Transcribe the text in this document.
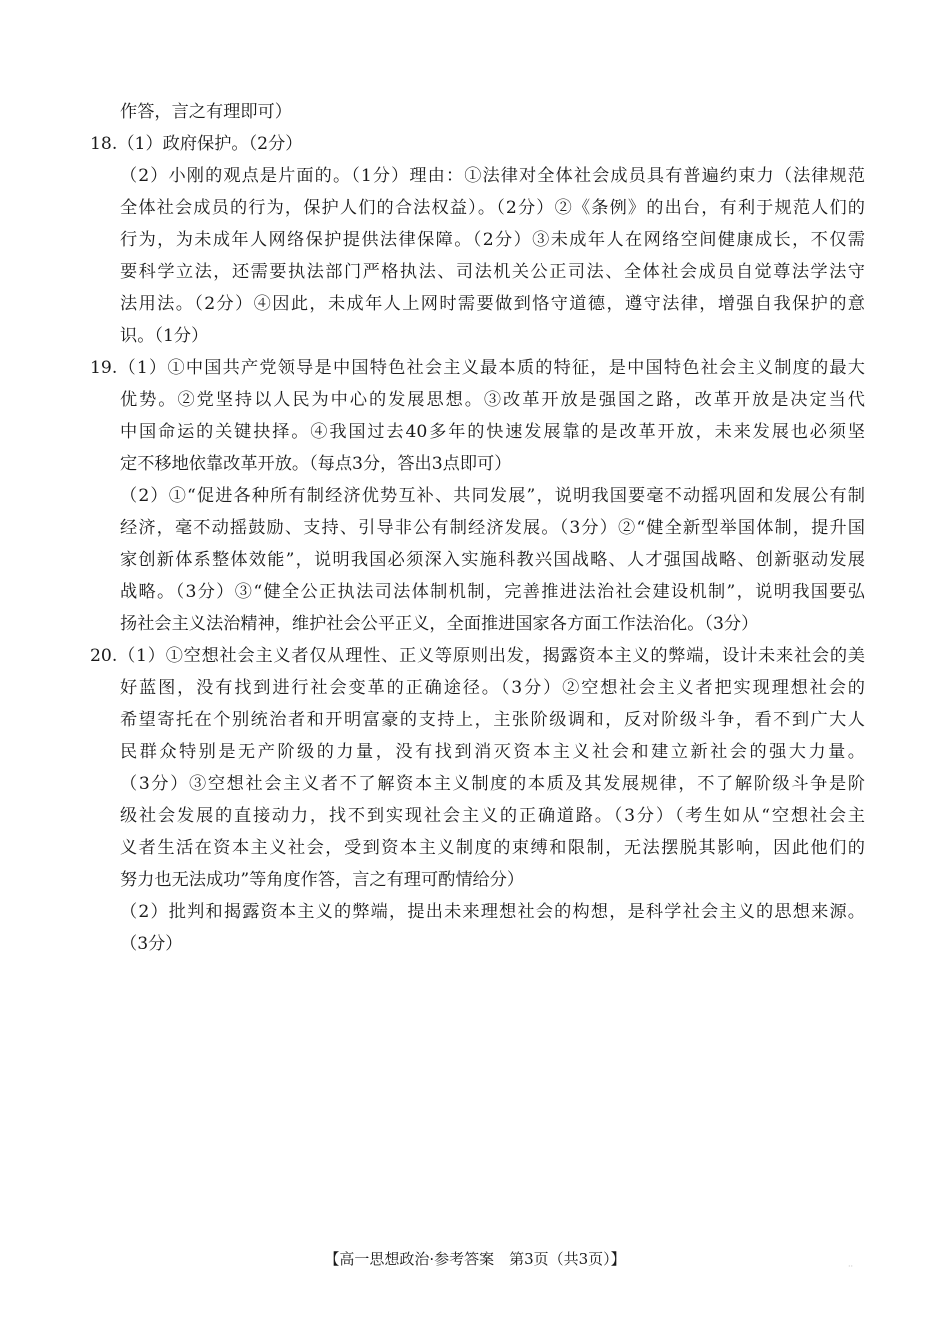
作答，言之有理即可）
18.（1）政府保护。（2分）
（2）小刚的观点是片面的。（1分）理由：①法律对全体社会成员具有普遍约束力（法律规范
全体社会成员的行为，保护人们的合法权益）。（2分）②《条例》的出台，有利于规范人们的
行为，为未成年人网络保护提供法律保障。（2分）③未成年人在网络空间健康成长，不仅需
要科学立法，还需要执法部门严格执法、司法机关公正司法、全体社会成员自觉尊法学法守
法用法。（2分）④因此，未成年人上网时需要做到恪守道德，遵守法律，增强自我保护的意
识。（1分）
19.（1）①中国共产党领导是中国特色社会主义最本质的特征，是中国特色社会主义制度的最大
优势。②党坚持以人民为中心的发展思想。③改革开放是强国之路，改革开放是决定当代
中国命运的关键抉择。④我国过去40多年的快速发展靠的是改革开放，未来发展也必须坚
定不移地依靠改革开放。（每点3分，答出3点即可）
（2）①“促进各种所有制经济优势互补、共同发展”，说明我国要毫不动摇巩固和发展公有制
经济，毫不动摇鼓励、支持、引导非公有制经济发展。（3分）②“健全新型举国体制，提升国
家创新体系整体效能”，说明我国必须深入实施科教兴国战略、人才强国战略、创新驱动发展
战略。（3分）③“健全公正执法司法体制机制，完善推进法治社会建设机制”，说明我国要弘
扬社会主义法治精神，维护社会公平正义，全面推进国家各方面工作法治化。（3分）
20.（1）①空想社会主义者仅从理性、正义等原则出发，揭露资本主义的弊端，设计未来社会的美
好蓝图，没有找到进行社会变革的正确途径。（3分）②空想社会主义者把实现理想社会的
希望寄托在个别统治者和开明富豪的支持上，主张阶级调和，反对阶级斗争，看不到广大人
民群众特别是无产阶级的力量，没有找到消灭资本主义社会和建立新社会的强大力量。
（3分）③空想社会主义者不了解资本主义制度的本质及其发展规律，不了解阶级斗争是阶
级社会发展的直接动力，找不到实现社会主义的正确道路。（3分）（考生如从“空想社会主
义者生活在资本主义社会，受到资本主义制度的束缚和限制，无法摆脱其影响，因此他们的
努力也无法成功”等角度作答，言之有理可酌情给分）
（2）批判和揭露资本主义的弊端，提出未来理想社会的构想，是科学社会主义的思想来源。
（3分）
【高一思想政治·参考答案　第3页（共3页）】	··
